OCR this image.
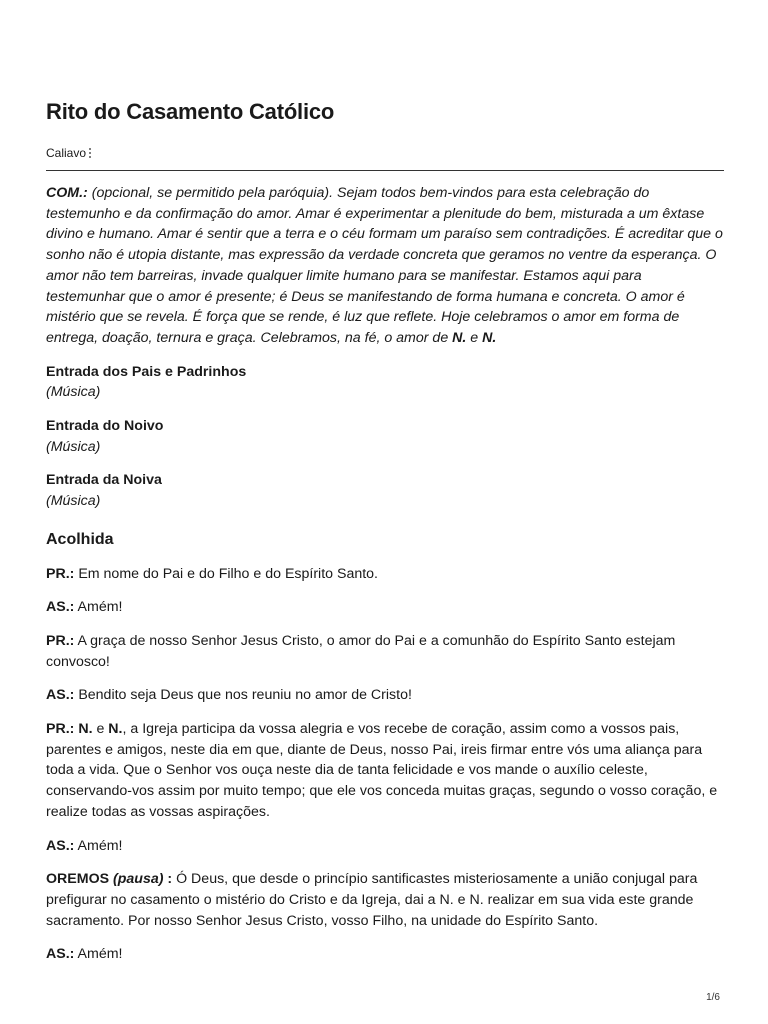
Rito do Casamento Católico
Caliavo

COM.: (opcional, se permitido pela paróquia). Sejam todos bem-vindos para esta celebração do testemunho e da confirmação do amor. Amar é experimentar a plenitude do bem, misturada a um êxtase divino e humano. Amar é sentir que a terra e o céu formam um paraíso sem contradições. É acreditar que o sonho não é utopia distante, mas expressão da verdade concreta que geramos no ventre da esperança. O amor não tem barreiras, invade qualquer limite humano para se manifestar. Estamos aqui para testemunhar que o amor é presente; é Deus se manifestando de forma humana e concreta. O amor é mistério que se revela. É força que se rende, é luz que reflete. Hoje celebramos o amor em forma de entrega, doação, ternura e graça. Celebramos, na fé, o amor de N. e N.

Entrada dos Pais e Padrinhos

(Música)

Entrada do Noivo

(Música)

Entrada da Noiva

(Música)

Acolhida

PR.: Em nome do Pai e do Filho e do Espírito Santo.

AS.: Amém!

PR.: A graça de nosso Senhor Jesus Cristo, o amor do Pai e a comunhão do Espírito Santo estejam convosco!

AS.: Bendito seja Deus que nos reuniu no amor de Cristo!

PR.: N. e N., a Igreja participa da vossa alegria e vos recebe de coração, assim como a vossos pais, parentes e amigos, neste dia em que, diante de Deus, nosso Pai, ireis firmar entre vós uma aliança para toda a vida. Que o Senhor vos ouça neste dia de tanta felicidade e vos mande o auxílio celeste, conservando-vos assim por muito tempo; que ele vos conceda muitas graças, segundo o vosso coração, e realize todas as vossas aspirações.

AS.: Amém!

OREMOS (pausa) : Ó Deus, que desde o princípio santificastes misteriosamente a união conjugal para prefigurar no casamento o mistério do Cristo e da Igreja, dai a N. e N. realizar em sua vida este grande sacramento. Por nosso Senhor Jesus Cristo, vosso Filho, na unidade do Espírito Santo.

AS.: Amém!

1/6
